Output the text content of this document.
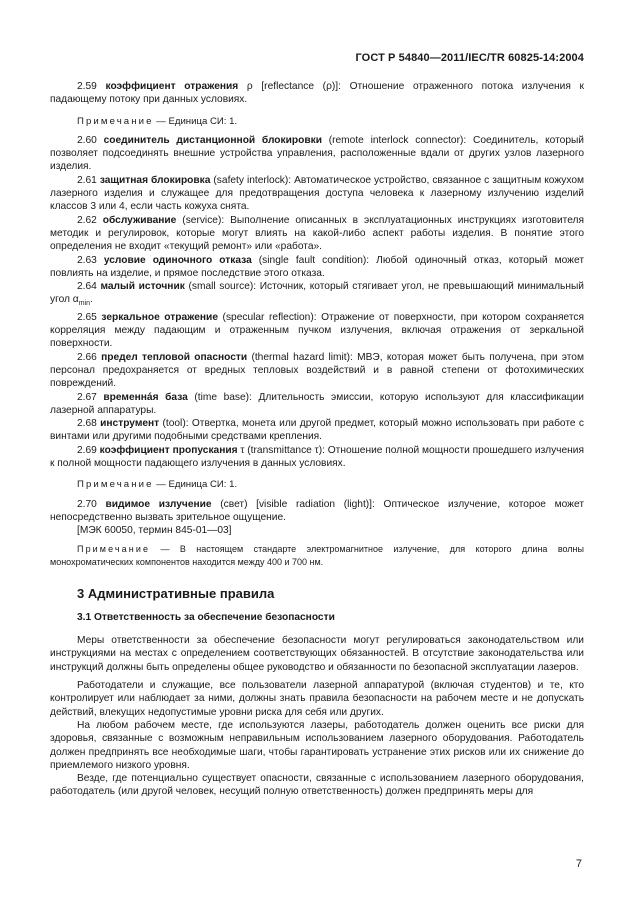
ГОСТ Р 54840—2011/IEC/TR 60825-14:2004

2.59 коэффициент отражения ρ [reflectance (ρ)]: Отношение отраженного потока излучения к падающему потоку при данных условиях.

Примечание — Единица СИ: 1.

2.60 соединитель дистанционной блокировки (remote interlock connector): Соединитель, который позволяет подсоединять внешние устройства управления, расположенные вдали от других узлов лазерного изделия.

2.61 защитная блокировка (safety interlock): Автоматическое устройство, связанное с защитным кожухом лазерного изделия и служащее для предотвращения доступа человека к лазерному излучению изделий классов 3 или 4, если часть кожуха снята.

2.62 обслуживание (service): Выполнение описанных в эксплуатационных инструкциях изготовителя методик и регулировок, которые могут влиять на какой-либо аспект работы изделия. В понятие этого определения не входит «текущий ремонт» или «работа».

2.63 условие одиночного отказа (single fault condition): Любой одиночный отказ, который может повлиять на изделие, и прямое последствие этого отказа.

2.64 малый источник (small source): Источник, который стягивает угол, не превышающий минимальный угол $\alpha_{min}$.

2.65 зеркальное отражение (specular reflection): Отражение от поверхности, при котором сохраняется корреляция между падающим и отраженным пучком излучения, включая отражения от зеркальной поверхности.

2.66 предел тепловой опасности (thermal hazard limit): МВЭ, которая может быть получена, при этом персонал предохраняется от вредных тепловых воздействий и в равной степени от фотохимических повреждений.

2.67 временнáя база (time base): Длительность эмиссии, которую используют для классификации лазерной аппаратуры.

2.68 инструмент (tool): Отвертка, монета или другой предмет, который можно использовать при работе с винтами или другими подобными средствами крепления.

2.69 коэффициент пропускания τ (transmittance τ): Отношение полной мощности прошедшего излучения к полной мощности падающего излучения в данных условиях.

Примечание — Единица СИ: 1.

2.70 видимое излучение (свет) [visible radiation (light)]: Оптическое излучение, которое может непосредственно вызвать зрительное ощущение.

[МЭК 60050, термин 845-01—03]

Примечание — В настоящем стандарте электромагнитное излучение, для которого длина волны монохроматических компонентов находится между 400 и 700 нм.

3 Административные правила
3.1 Ответственность за обеспечение безопасности

Меры ответственности за обеспечение безопасности могут регулироваться законодательством или инструкциями на местах с определением соответствующих обязанностей. В отсутствие законодательства или инструкций должны быть определены общее руководство и обязанности по безопасной эксплуатации лазеров.

Работодатели и служащие, все пользователи лазерной аппаратурой (включая студентов) и те, кто контролирует или наблюдает за ними, должны знать правила безопасности на рабочем месте и не допускать действий, влекущих недопустимые уровни риска для себя или других.

На любом рабочем месте, где используются лазеры, работодатель должен оценить все риски для здоровья, связанные с возможным неправильным использованием лазерного оборудования. Работодатель должен предпринять все необходимые шаги, чтобы гарантировать устранение этих рисков или их снижение до приемлемого низкого уровня.

Везде, где потенциально существует опасности, связанные с использованием лазерного оборудования, работодатель (или другой человек, несущий полную ответственность) должен предпринять меры для

7
